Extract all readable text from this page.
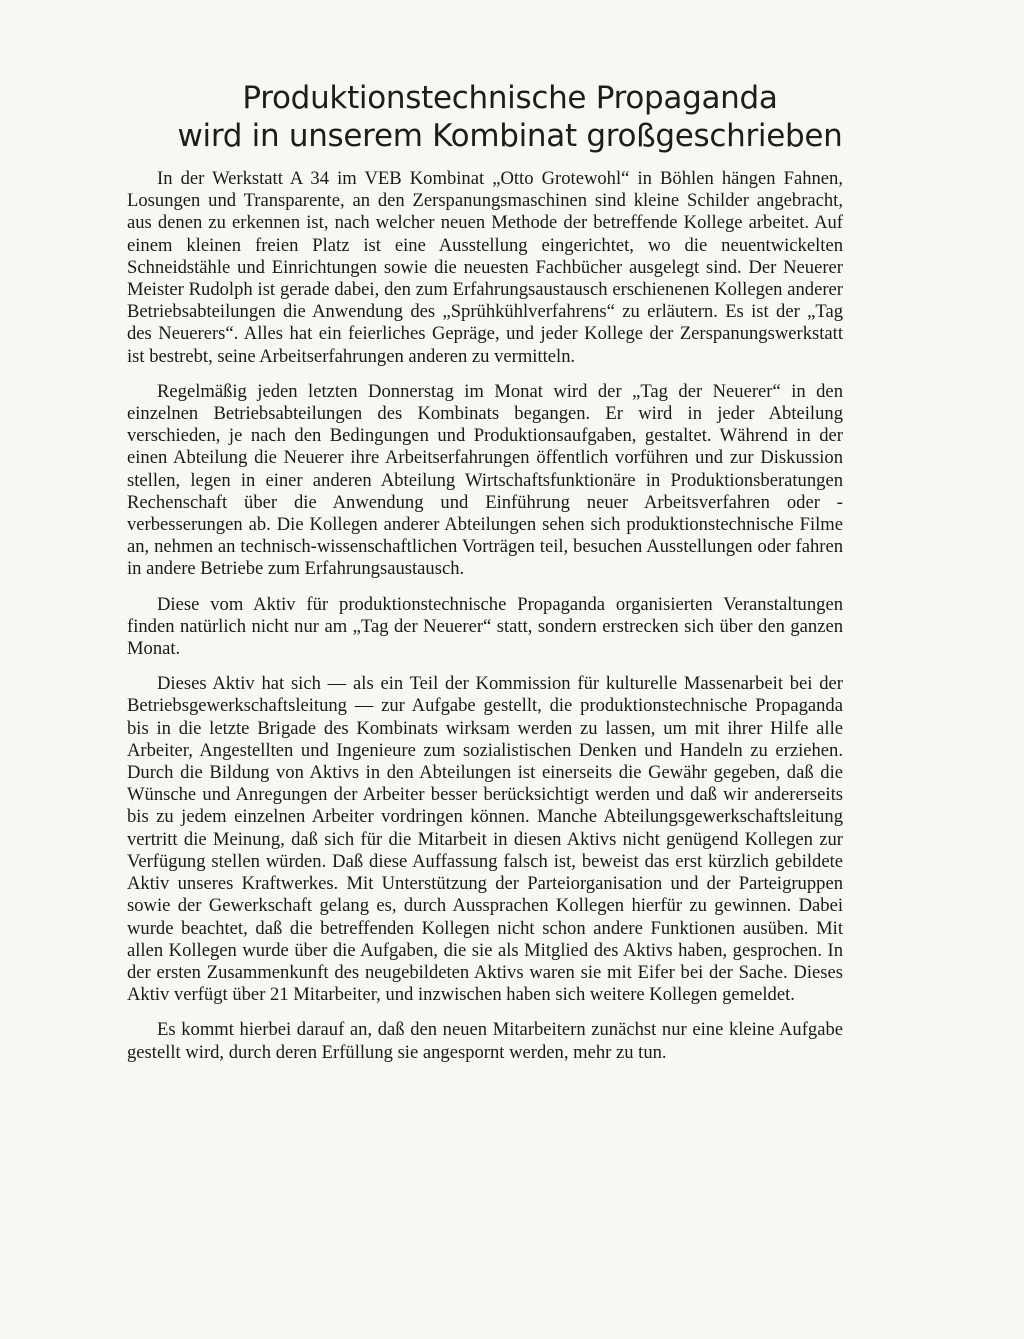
Produktionstechnische Propaganda
wird in unserem Kombinat großgeschrieben

In der Werkstatt A 34 im VEB Kombinat „Otto Grotewohl“ in Böhlen hängen Fahnen, Losungen und Transparente, an den Zerspanungsmaschinen sind kleine Schilder angebracht, aus denen zu erkennen ist, nach welcher neuen Methode der betreffende Kollege arbeitet. Auf einem kleinen freien Platz ist eine Ausstellung eingerichtet, wo die neuentwickelten Schneidstähle und Einrichtungen sowie die neuesten Fachbücher ausgelegt sind. Der Neuerer Meister Rudolph ist gerade dabei, den zum Erfahrungsaustausch erschienenen Kollegen anderer Betriebsabteilungen die Anwendung des „Sprühkühlverfahrens“ zu erläutern. Es ist der „Tag des Neuerers“. Alles hat ein feierliches Gepräge, und jeder Kollege der Zerspanungswerkstatt ist bestrebt, seine Arbeitserfahrungen anderen zu vermitteln.

Regelmäßig jeden letzten Donnerstag im Monat wird der „Tag der Neuerer“ in den einzelnen Betriebsabteilungen des Kombinats begangen. Er wird in jeder Abteilung verschieden, je nach den Bedingungen und Produktionsaufgaben, gestaltet. Während in der einen Abteilung die Neuerer ihre Arbeitserfahrungen öffentlich vorführen und zur Diskussion stellen, legen in einer anderen Abteilung Wirtschaftsfunktionäre in Produktionsberatungen Rechenschaft über die Anwendung und Einführung neuer Arbeitsverfahren oder -verbesserungen ab. Die Kollegen anderer Abteilungen sehen sich produktionstechnische Filme an, nehmen an technisch-wissenschaftlichen Vorträgen teil, besuchen Ausstellungen oder fahren in andere Betriebe zum Erfahrungsaustausch.

Diese vom Aktiv für produktionstechnische Propaganda organisierten Veranstaltungen finden natürlich nicht nur am „Tag der Neuerer“ statt, sondern erstrecken sich über den ganzen Monat.

Dieses Aktiv hat sich — als ein Teil der Kommission für kulturelle Massenarbeit bei der Betriebsgewerkschaftsleitung — zur Aufgabe gestellt, die produktionstechnische Propaganda bis in die letzte Brigade des Kombinats wirksam werden zu lassen, um mit ihrer Hilfe alle Arbeiter, Angestellten und Ingenieure zum sozialistischen Denken und Handeln zu erziehen. Durch die Bildung von Aktivs in den Abteilungen ist einerseits die Gewähr gegeben, daß die Wünsche und Anregungen der Arbeiter besser berücksichtigt werden und daß wir andererseits bis zu jedem einzelnen Arbeiter vordringen können. Manche Abteilungsgewerkschaftsleitung vertritt die Meinung, daß sich für die Mitarbeit in diesen Aktivs nicht genügend Kollegen zur Verfügung stellen würden. Daß diese Auffassung falsch ist, beweist das erst kürzlich gebildete Aktiv unseres Kraftwerkes. Mit Unterstützung der Parteiorganisation und der Parteigruppen sowie der Gewerkschaft gelang es, durch Aussprachen Kollegen hierfür zu gewinnen. Dabei wurde beachtet, daß die betreffenden Kollegen nicht schon andere Funktionen ausüben. Mit allen Kollegen wurde über die Aufgaben, die sie als Mitglied des Aktivs haben, gesprochen. In der ersten Zusammenkunft des neugebildeten Aktivs waren sie mit Eifer bei der Sache. Dieses Aktiv verfügt über 21 Mitarbeiter, und inzwischen haben sich weitere Kollegen gemeldet.

Es kommt hierbei darauf an, daß den neuen Mitarbeitern zunächst nur eine kleine Aufgabe gestellt wird, durch deren Erfüllung sie angespornt werden, mehr zu tun.
